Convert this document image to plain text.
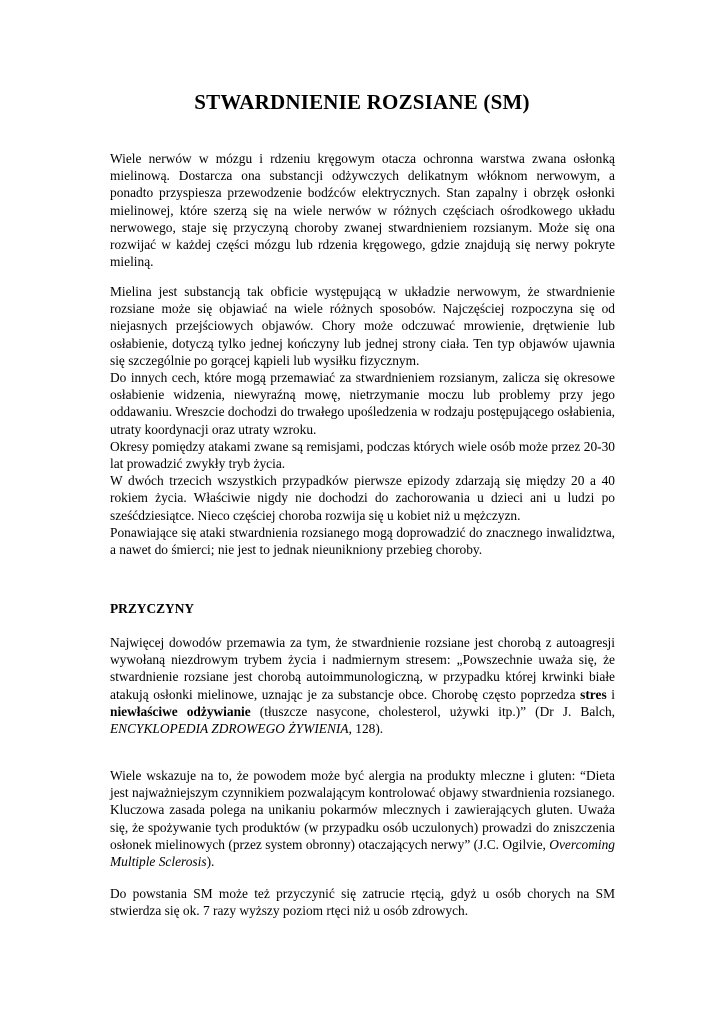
STWARDNIENIE ROZSIANE (SM)

Wiele nerwów w mózgu i rdzeniu kręgowym otacza ochronna warstwa zwana osłonką mielinową. Dostarcza ona substancji odżywczych delikatnym włóknom nerwowym, a ponadto przyspiesza przewodzenie bodźców elektrycznych. Stan zapalny i obrzęk osłonki mielinowej, które szerzą się na wiele nerwów w różnych częściach ośrodkowego układu nerwowego, staje się przyczyną choroby zwanej stwardnieniem rozsianym. Może się ona rozwijać w każdej części mózgu lub rdzenia kręgowego, gdzie znajdują się nerwy pokryte mieliną.

Mielina jest substancją tak obficie występującą w układzie nerwowym, że stwardnienie rozsiane może się objawiać na wiele różnych sposobów. Najczęściej rozpoczyna się od niejasnych przejściowych objawów. Chory może odczuwać mrowienie, drętwienie lub osłabienie, dotyczą tylko jednej kończyny lub jednej strony ciała. Ten typ objawów ujawnia się szczególnie po gorącej kąpieli lub wysiłku fizycznym.
Do innych cech, które mogą przemawiać za stwardnieniem rozsianym, zalicza się okresowe osłabienie widzenia, niewyraźną mowę, nietrzymanie moczu lub problemy przy jego oddawaniu. Wreszcie dochodzi do trwałego upośledzenia w rodzaju postępującego osłabienia, utraty koordynacji oraz utraty wzroku.
Okresy pomiędzy atakami zwane są remisjami, podczas których wiele osób może przez 20-30 lat prowadzić zwykły tryb życia.
W dwóch trzecich wszystkich przypadków pierwsze epizody zdarzają się między 20 a 40 rokiem życia. Właściwie nigdy nie dochodzi do zachorowania u dzieci ani u ludzi po sześćdziesiątce. Nieco częściej choroba rozwija się u kobiet niż u mężczyzn.
Ponawiające się ataki stwardnienia rozsianego mogą doprowadzić do znacznego inwalidztwa, a nawet do śmierci; nie jest to jednak nieunikniony przebieg choroby.

PRZYCZYNY

Najwięcej dowodów przemawia za tym, że stwardnienie rozsiane jest chorobą z autoagresji wywołaną niezdrowym trybem życia i nadmiernym stresem: „Powszechnie uważa się, że stwardnienie rozsiane jest chorobą autoimmunologiczną, w przypadku której krwinki białe atakują osłonki mielinowe, uznając je za substancje obce. Chorobę często poprzedza stres i niewłaściwe odżywianie (tłuszcze nasycone, cholesterol, używki itp.)” (Dr J. Balch, ENCYKLOPEDIA ZDROWEGO ŻYWIENIA, 128).

Wiele wskazuje na to, że powodem może być alergia na produkty mleczne i gluten: “Dieta jest najważniejszym czynnikiem pozwalającym kontrolować objawy stwardnienia rozsianego. Kluczowa zasada polega na unikaniu pokarmów mlecznych i zawierających gluten. Uważa się, że spożywanie tych produktów (w przypadku osób uczulonych) prowadzi do zniszczenia osłonek mielinowych (przez system obronny) otaczających nerwy” (J.C. Ogilvie, Overcoming Multiple Sclerosis).

Do powstania SM może też przyczynić się zatrucie rtęcią, gdyż u osób chorych na SM stwierdza się ok. 7 razy wyższy poziom rtęci niż u osób zdrowych.
